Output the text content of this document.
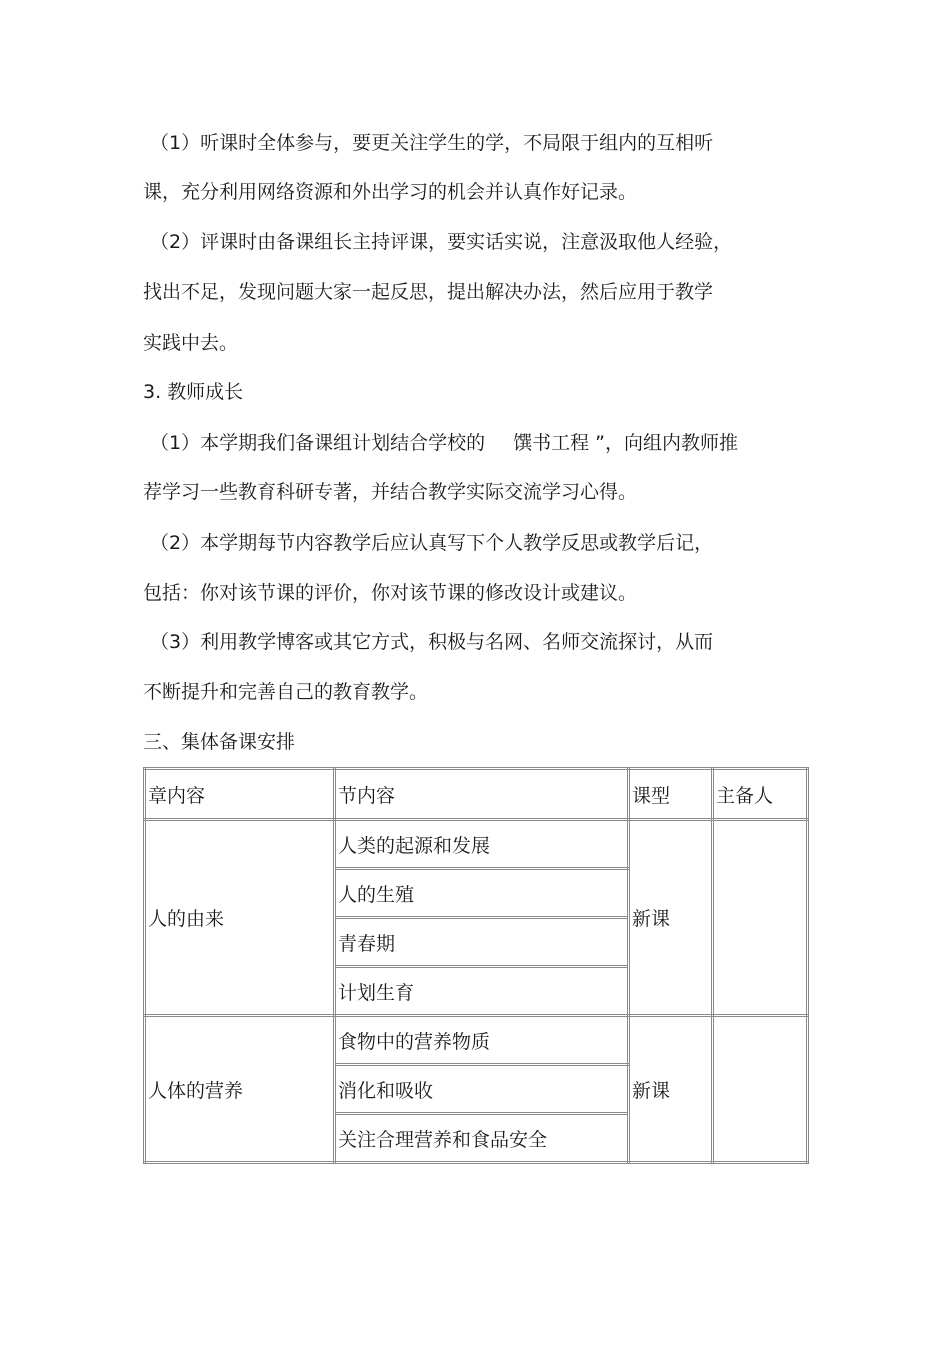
（1）听课时全体参与，要更关注学生的学，不局限于组内的互相听
课，充分利用网络资源和外出学习的机会并认真作好记录。
（2）评课时由备课组长主持评课，要实话实说，注意汲取他人经验，
找出不足，发现问题大家一起反思，提出解决办法，然后应用于教学
实践中去。
3. 教师成长
（1）本学期我们备课组计划结合学校的 馔书工程 ”，向组内教师推
荐学习一些教育科研专著，并结合教学实际交流学习心得。
（2）本学期每节内容教学后应认真写下个人教学反思或教学后记，
包括：你对该节课的评价，你对该节课的修改设计或建议。
（3）利用教学博客或其它方式，积极与名网、名师交流探讨，从而
不断提升和完善自己的教育教学。
三、集体备课安排
章内容	节内容	课型	主备人
人的由来	人类的起源和发展	新课	
	人的生殖		
	青春期		
	计划生育		
人体的营养	食物中的营养物质	新课	
	消化和吸收		
	关注合理营养和食品安全		
